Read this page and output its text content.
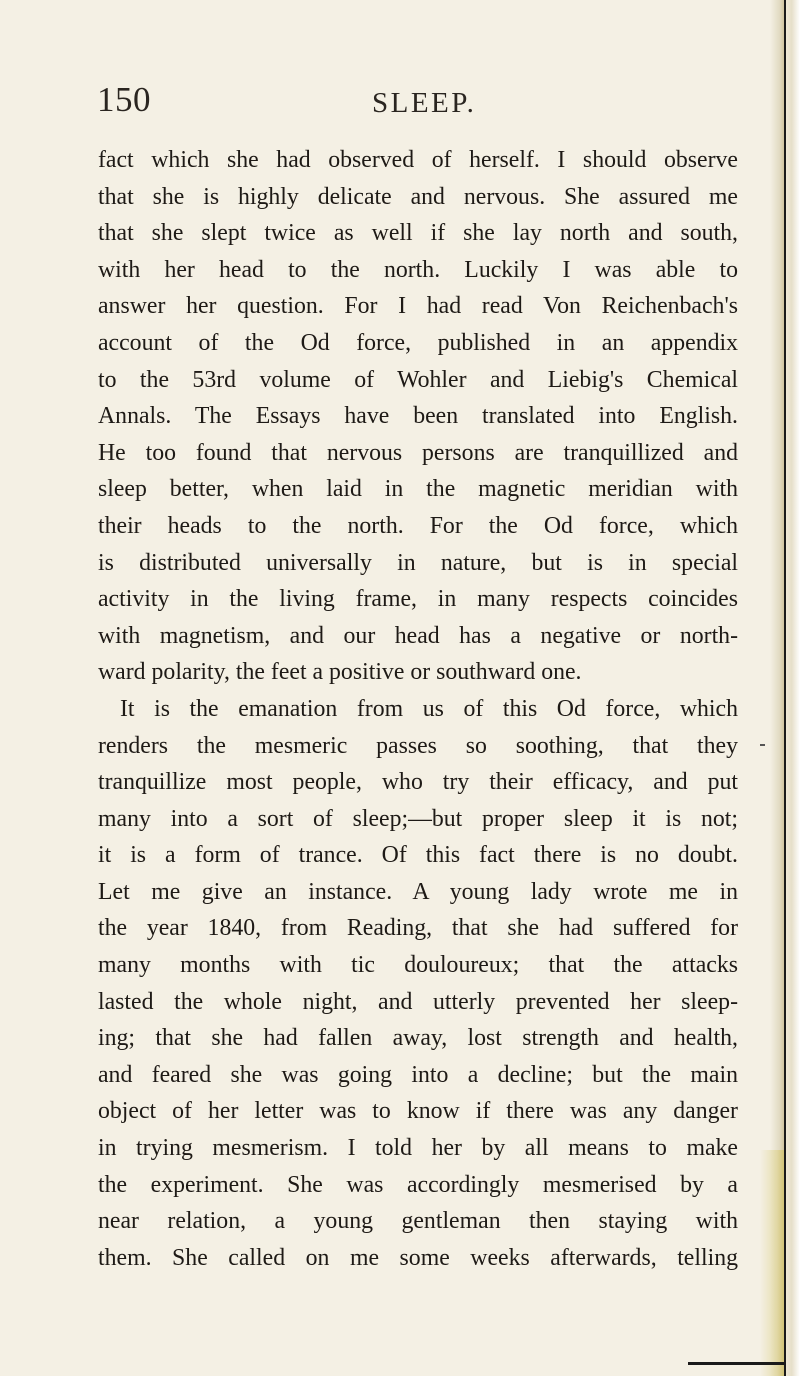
150	SLEEP.
fact which she had observed of herself. I should observe
that she is highly delicate and nervous. She assured me
that she slept twice as well if she lay north and south,
with her head to the north. Luckily I was able to
answer her question. For I had read Von Reichenbach's
account of the Od force, published in an appendix
to the 53rd volume of Wohler and Liebig's Chemical
Annals. The Essays have been translated into English.
He too found that nervous persons are tranquillized and
sleep better, when laid in the magnetic meridian with
their heads to the north. For the Od force, which
is distributed universally in nature, but is in special
activity in the living frame, in many respects coincides
with magnetism, and our head has a negative or north-
ward polarity, the feet a positive or southward one.
It is the emanation from us of this Od force, which
renders the mesmeric passes so soothing, that they
tranquillize most people, who try their efficacy, and put
many into a sort of sleep;—but proper sleep it is not;
it is a form of trance. Of this fact there is no doubt.
Let me give an instance. A young lady wrote me in
the year 1840, from Reading, that she had suffered for
many months with tic douloureux; that the attacks
lasted the whole night, and utterly prevented her sleep-
ing; that she had fallen away, lost strength and health,
and feared she was going into a decline; but the main
object of her letter was to know if there was any danger
in trying mesmerism. I told her by all means to make
the experiment. She was accordingly mesmerised by a
near relation, a young gentleman then staying with
them. She called on me some weeks afterwards, telling
